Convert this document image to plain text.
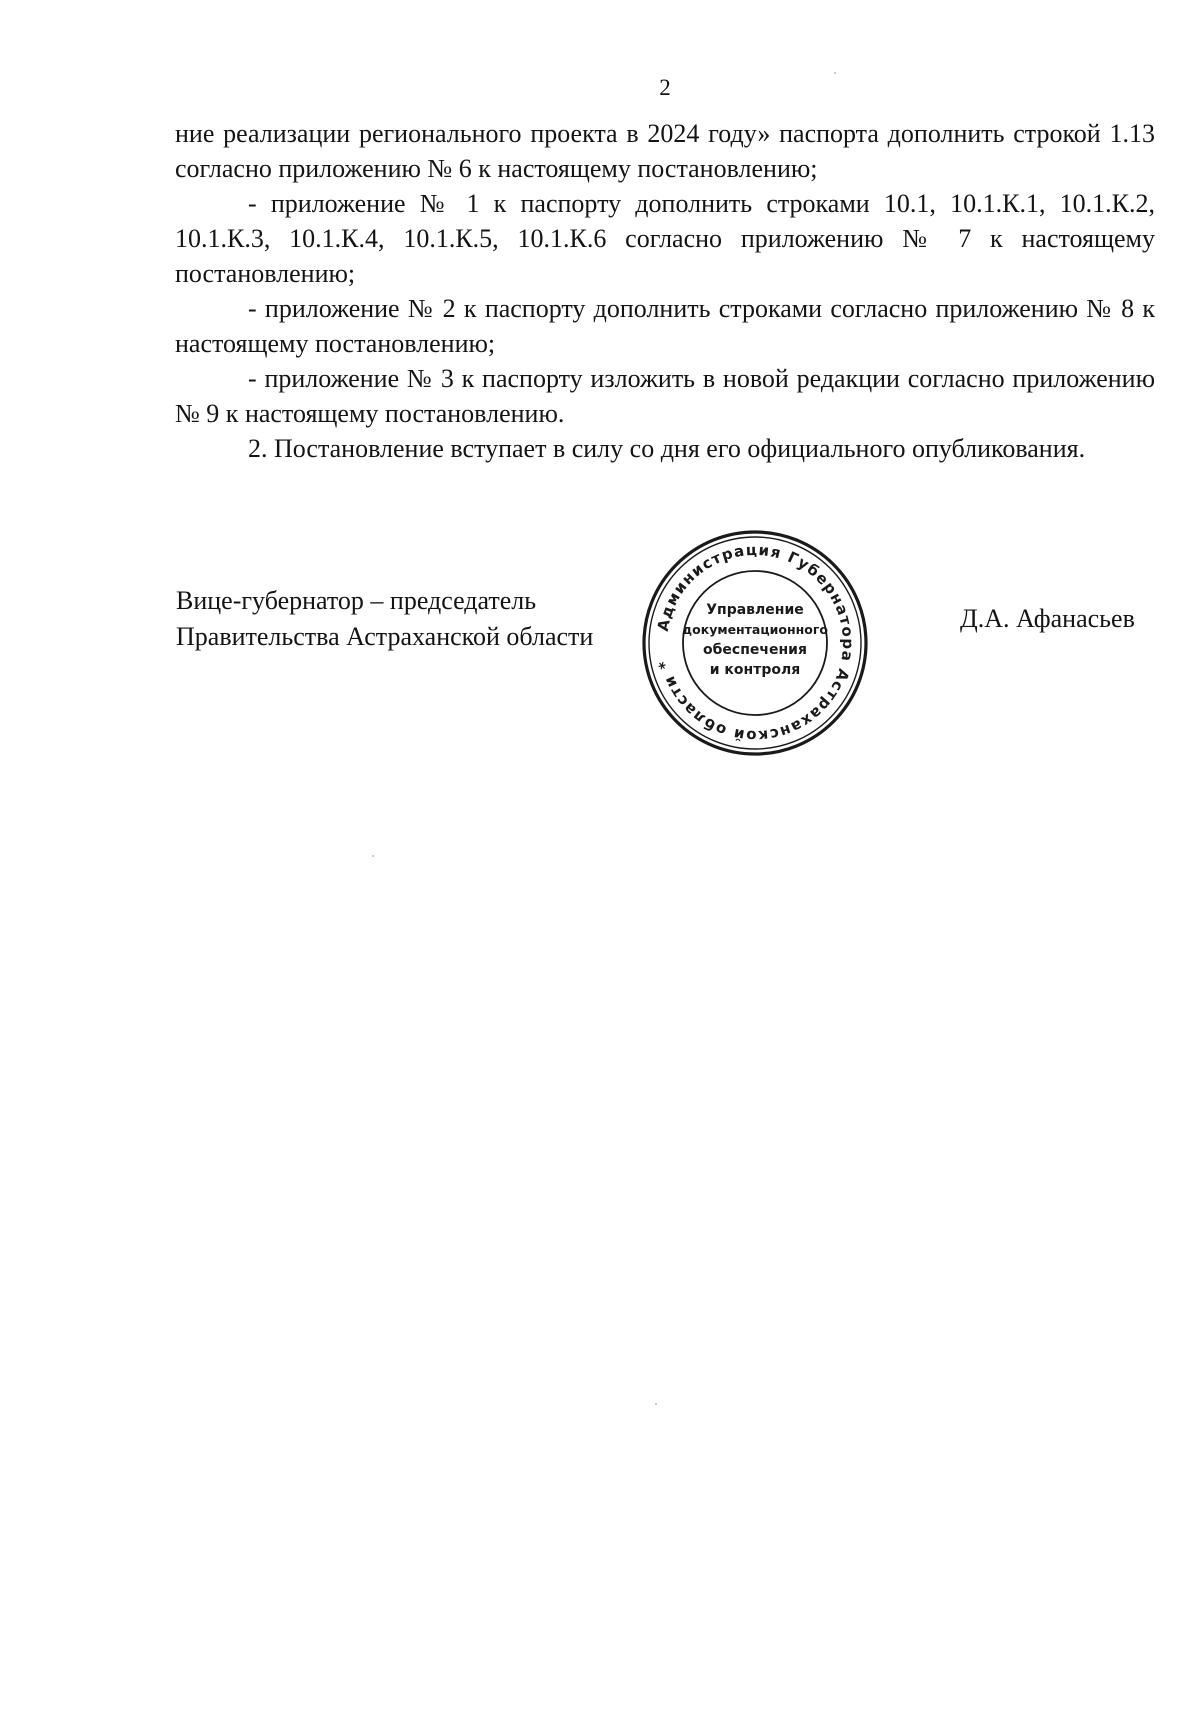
2

ние реализации регионального проекта в 2024 году» паспорта дополнить строкой 1.13 согласно приложению № 6 к настоящему постановлению;

- приложение № 1 к паспорту дополнить строками 10.1, 10.1.К.1, 10.1.К.2, 10.1.К.3, 10.1.К.4, 10.1.К.5, 10.1.К.6 согласно приложению № 7 к настоящему постановлению;

- приложение № 2 к паспорту дополнить строками согласно приложению № 8 к настоящему постановлению;

- приложение № 3 к паспорту изложить в новой редакции согласно приложению № 9 к настоящему постановлению.

2. Постановление вступает в силу со дня его официального опубликования.

Вице-губернатор – председатель
Правительства Астраханской области
Д.А. Афанасьев
Администрация Губернатора Астраханской области *
Управление
документационного
обеспечения
и контроля
